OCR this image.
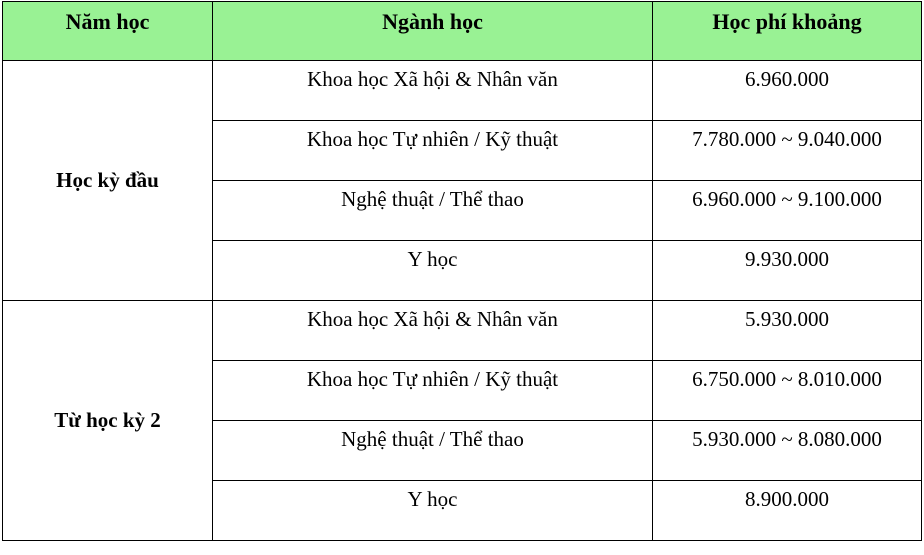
Năm học	Ngành học	Học phí khoảng
Học kỳ đầu	Khoa học Xã hội & Nhân văn	6.960.000
	Khoa học Tự nhiên / Kỹ thuật	7.780.000 ~ 9.040.000
	Nghệ thuật / Thể thao	6.960.000 ~ 9.100.000
	Y học	9.930.000
Từ học kỳ 2	Khoa học Xã hội & Nhân văn	5.930.000
	Khoa học Tự nhiên / Kỹ thuật	6.750.000 ~ 8.010.000
	Nghệ thuật / Thể thao	5.930.000 ~ 8.080.000
	Y học	8.900.000
